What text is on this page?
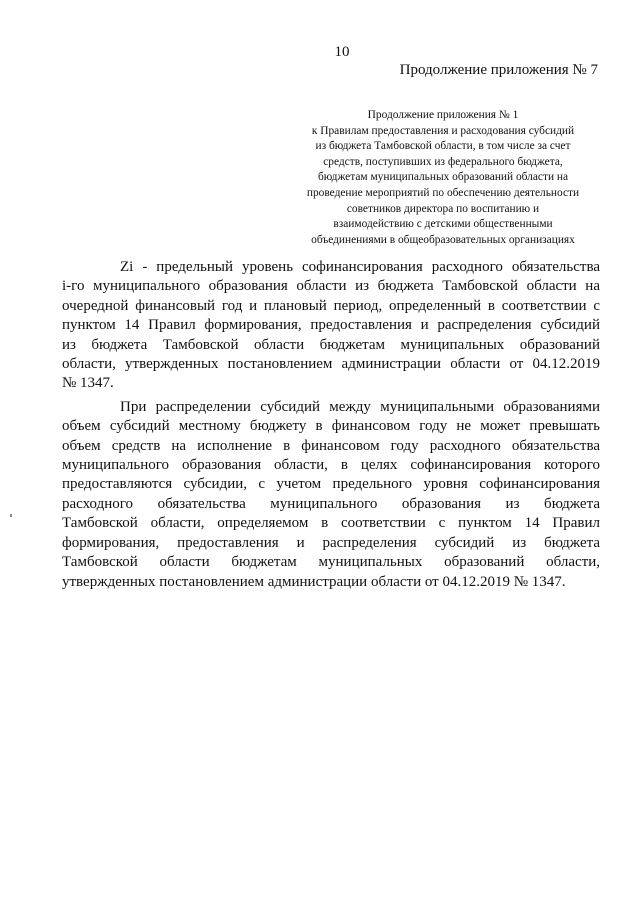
10
Продолжение приложения № 7
Продолжение приложения № 1
к Правилам предоставления и расходования субсидий
из бюджета Тамбовской области, в том числе за счет
средств, поступивших из федерального бюджета,
бюджетам муниципальных образований области на
проведение мероприятий по обеспечению деятельности
советников директора по воспитанию и
взаимодействию с детскими общественными
объединениями в общеобразовательных организациях
Zi - предельный уровень софинансирования расходного обязательства
i-го муниципального образования области из бюджета Тамбовской области на
очередной финансовый год и плановый период, определенный в соответствии с
пунктом 14 Правил формирования, предоставления и распределения субсидий
из бюджета Тамбовской области бюджетам муниципальных образований
области, утвержденных постановлением администрации области от 04.12.2019
№ 1347.
При распределении субсидий между муниципальными образованиями
объем субсидий местному бюджету в финансовом году не может превышать
объем средств на исполнение в финансовом году расходного обязательства
муниципального образования области, в целях софинансирования которого
предоставляются субсидии, с учетом предельного уровня софинансирования
расходного обязательства муниципального образования из бюджета
Тамбовской области, определяемом в соответствии с пунктом 14 Правил
формирования, предоставления и распределения субсидий из бюджета
Тамбовской области бюджетам муниципальных образований области,
утвержденных постановлением администрации области от 04.12.2019 № 1347.
